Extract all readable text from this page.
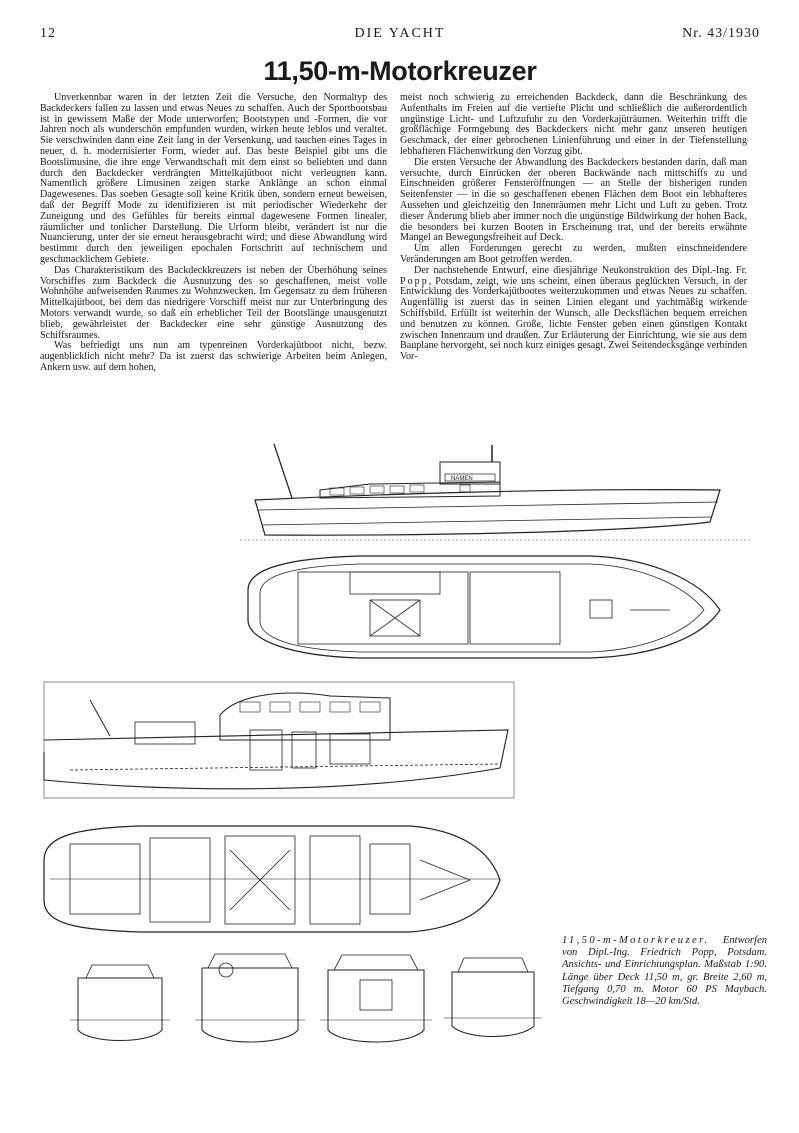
12	DIE YACHT	Nr. 43/1930
11,50-m-Motorkreuzer

Unverkennbar waren in der letzten Zeit die Versuche, den Normaltyp des Backdeckers fallen zu lassen und etwas Neues zu schaffen. Auch der Sportbootsbau ist in gewissem Maße der Mode unterworfen; Bootstypen und -Formen, die vor Jahren noch als wunderschön empfunden wurden, wirken heute leblos und veraltet. Sie verschwinden dann eine Zeit lang in der Versenkung, und tauchen eines Tages in neuer, d. h. modernisierter Form, wieder auf. Das beste Beispiel gibt uns die Bootslimusine, die ihre enge Verwandtschaft mit dem einst so beliebten und dann durch den Backdecker verdrängten Mittelkajütboot nicht verleugnen kann. Namentlich größere Limusinen zeigen starke Anklänge an schon einmal Dagewesenes. Das soeben Gesagte soll keine Kritik üben, sondern erneut beweisen, daß der Begriff Mode zu identifizieren ist mit periodischer Wiederkehr der Zuneigung und des Gefühles für bereits einmal dagewesene Formen linealer, räumlicher und tonlicher Darstellung. Die Urform bleibt, verändert ist nur die Nuancierung, unter der sie erneut herausgebracht wird; und diese Abwandlung wird bestimmt durch den jeweiligen epochalen Fortschritt auf technischem und geschmacklichem Gebiete.

Das Charakteristikum des Backdeckkreuzers ist neben der Überhöhung seines Vorschiffes zum Backdeck die Ausnutzung des so geschaffenen, meist volle Wohnhöhe aufweisenden Raumes zu Wohnzwecken. Im Gegensatz zu dem früheren Mittelkajütboot, bei dem das niedrigere Vorschiff meist nur zur Unterbringung des Motors verwandt wurde, so daß ein erheblicher Teil der Bootslänge unausgenutzt blieb, gewährleistet der Backdecker eine sehr günstige Ausnutzung des Schiffsraumes.

Was befriedigt uns nun am typenreinen Vorderkajütboot nicht, bezw. augenblicklich nicht mehr? Da ist zuerst das schwierige Arbeiten beim Anlegen, Ankern usw. auf dem hohen,

meist noch schwierig zu erreichenden Backdeck, dann die Beschränkung des Aufenthalts im Freien auf die vertiefte Plicht und schließlich die außerordentlich ungünstige Licht- und Luftzufuhr zu den Vorderkajüträumen. Weiterhin trifft die großflächige Formgebung des Backdeckers nicht mehr ganz unseren heutigen Geschmack, der einer gebrochenen Linienführung und einer in der Tiefenstellung lebhafteren Flächenwirkung den Vorzug gibt.

Die ersten Versuche der Abwandlung des Backdeckers bestanden darin, daß man versuchte, durch Einrücken der oberen Backwände nach mittschiffs zu und Einschneiden größerer Fensteröffnungen — an Stelle der bisherigen runden Seitenfenster — in die so geschaffenen ebenen Flächen dem Boot ein lebhafteres Aussehen und gleichzeitig den Innenräumen mehr Licht und Luft zu geben. Trotz dieser Änderung blieb aber immer noch die ungünstige Bildwirkung der hohen Back, die besonders bei kurzen Booten in Erscheinung trat, und der bereits erwähnte Mangel an Bewegungsfreiheit auf Deck.

Um allen Forderungen gerecht zu werden, mußten einschneidendere Veränderungen am Boot getroffen werden.

Der nachstehende Entwurf, eine diesjährige Neukonstruktion des Dipl.-Ing. Fr. Popp, Potsdam, zeigt, wie uns scheint, einen überaus geglückten Versuch, in der Entwicklung des Vorderkajütbootes weiterzukommen und etwas Neues zu schaffen. Augenfällig ist zuerst das in seinen Linien elegant und yachtmäßig wirkende Schiffsbild. Erfüllt ist weiterhin der Wunsch, alle Decksflächen bequem erreichen und benutzen zu können. Große, lichte Fenster geben einen günstigen Kontakt zwischen Innenraum und draußen. Zur Erläuterung der Einrichtung, wie sie aus dem Bauplane hervorgeht, sei noch kurz einiges gesagt. Zwei Seitendecksgänge verbinden Vor-

NAMEN
11,50-m-Motorkreuzer. Entworfen von Dipl.-Ing. Friedrich Popp, Potsdam. Ansichts- und Einrichtungsplan. Maßstab 1:90. Länge über Deck 11,50 m, gr. Breite 2,60 m, Tiefgang 0,70 m. Motor 60 PS Maybach. Geschwindigkeit 18—20 km/Std.
